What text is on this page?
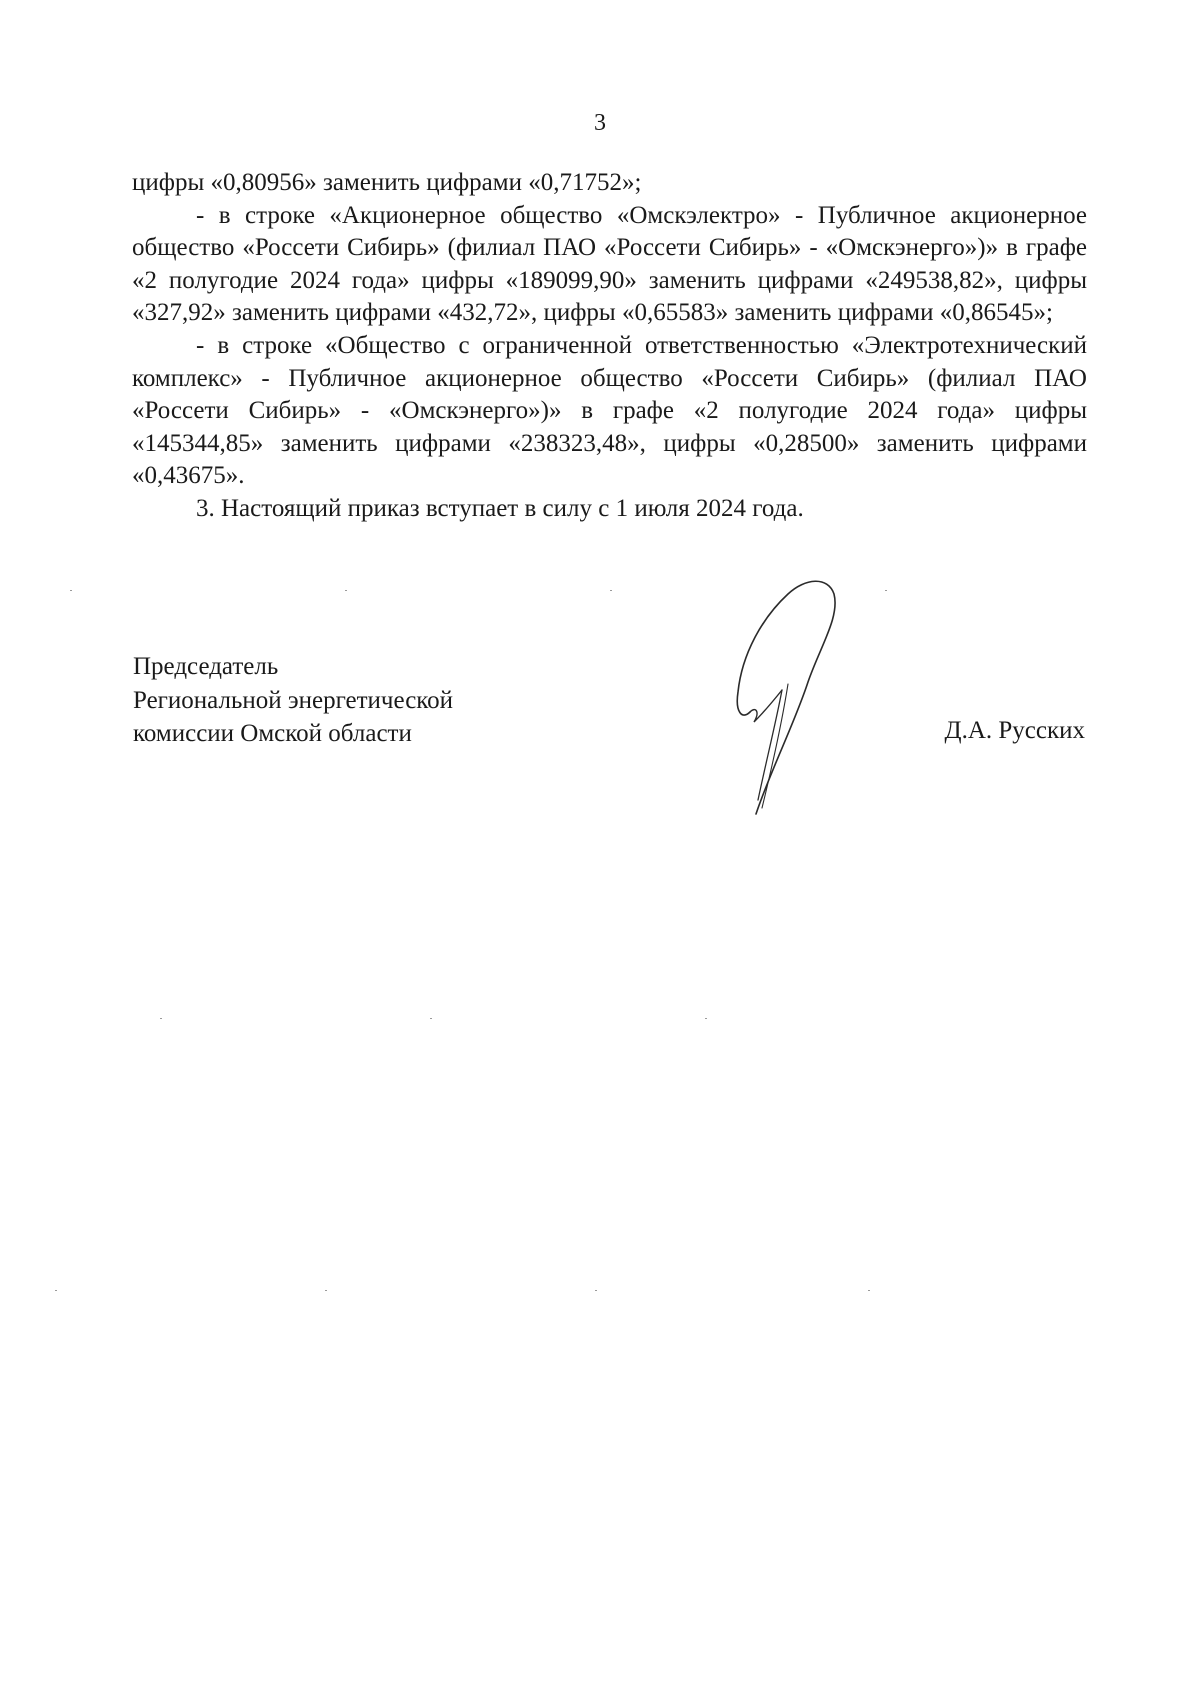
3

цифры «0,80956» заменить цифрами «0,71752»;

- в строке «Акционерное общество «Омскэлектро» - Публичное акционерное общество «Россети Сибирь» (филиал ПАО «Россети Сибирь» - «Омскэнерго»)» в графе «2 полугодие 2024 года» цифры «189099,90» заменить цифрами «249538,82», цифры «327,92» заменить цифрами «432,72», цифры «0,65583» заменить цифрами «0,86545»;

- в строке «Общество с ограниченной ответственностью «Электротехнический комплекс» - Публичное акционерное общество «Россети Сибирь» (филиал ПАО «Россети Сибирь» - «Омскэнерго»)» в графе «2 полугодие 2024 года» цифры «145344,85» заменить цифрами «238323,48», цифры «0,28500» заменить цифрами «0,43675».

3. Настоящий приказ вступает в силу с 1 июля 2024 года.

Председатель
Региональной энергетической
комиссии Омской области	Д.А. Русских
